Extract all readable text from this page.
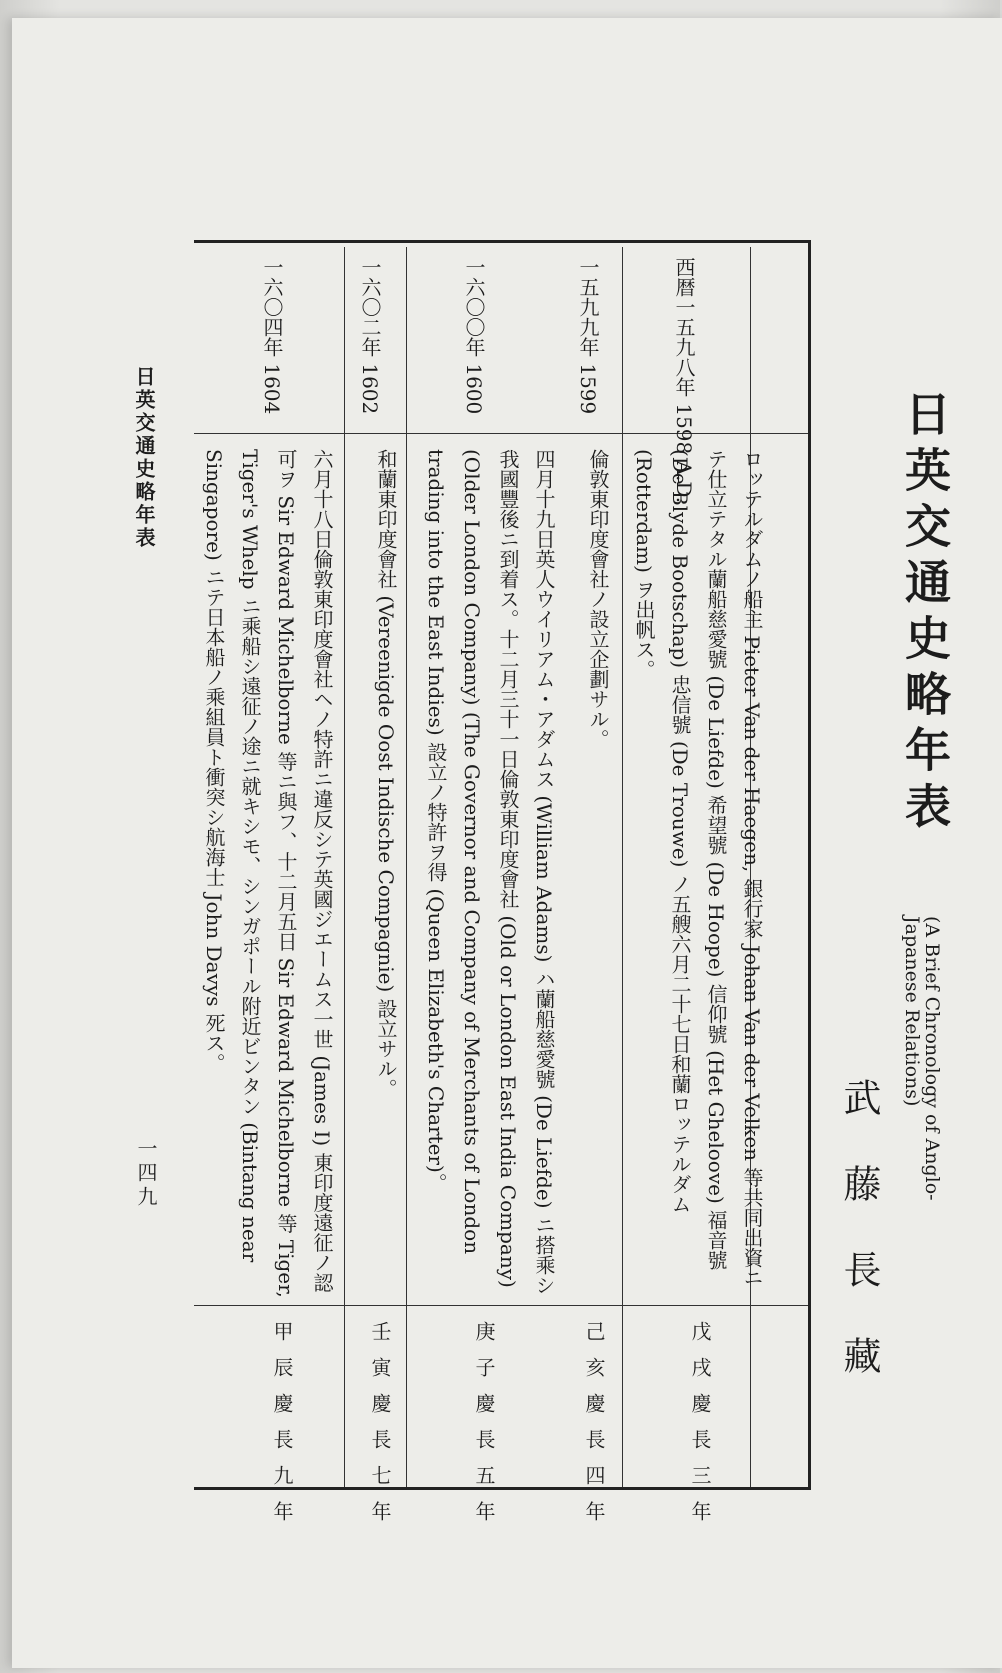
日英交通史略年表
(A Brief Chronology of Anglo-Japanese Relations)
武藤長藏
日英交通史略年表
一四九
西暦一五九八年 1598 A.D.
ロッテルダムノ船主 Pieter Van der Haegen, 銀行家 Johan Van der Velken 等共同出資ニテ仕立テタル蘭船慈愛號 (De Liefde) 希望號 (De Hoope) 信仰號 (Het Gheloove) 福音號 (De Blyde Bootschap) 忠信號 (De Trouwe) ノ五艘六月二十七日和蘭ロッテルダム (Rotterdam) ヲ出帆ス。
戊戌慶長三年
一五九九年 1599
倫敦東印度會社ノ設立企劃サル。
己亥慶長四年
一六〇〇年 1600
四月十九日英人ウイリアム・アダムス (William Adams) ハ蘭船慈愛號 (De Liefde) ニ搭乘シ我國豐後ニ到着ス。十二月三十一日倫敦東印度會社 (Old or London East India Company) (Older London Company) (The Governor and Company of Merchants of London trading into the East Indies) 設立ノ特許ヲ得 (Queen Elizabeth's Charter)。
庚子慶長五年
一六〇二年 1602
和蘭東印度會社 (Vereenigde Oost Indische Compagnie) 設立サル。
壬寅慶長七年
一六〇四年 1604
六月十八日倫敦東印度會社ヘノ特許ニ違反シテ英國ジエームス一世 (James I) 東印度遠征ノ認可ヲ Sir Edward Michelborne 等ニ與フ、十二月五日 Sir Edward Michelborne 等 Tiger, Tiger's Whelp ニ乘船シ遠征ノ途ニ就キシモ、シンガポール附近ビンタン (Bintang near Singapore) ニテ日本船ノ乘組員ト衝突シ航海士 John Davys 死ス。
甲辰慶長九年
